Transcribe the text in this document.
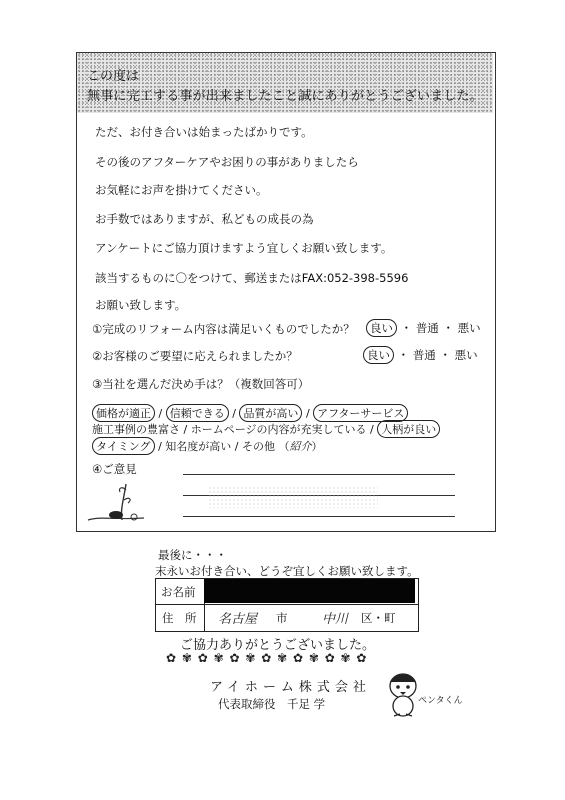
この度は
無事に完工する事が出来ましたこと誠にありがとうございました。
ただ、お付き合いは始まったばかりです。
その後のアフターケアやお困りの事がありましたら
お気軽にお声を掛けてください。
お手数ではありますが、私どもの成長の為
アンケートにご協力頂けますよう宜しくお願い致します。
該当するものに〇をつけて、郵送またはFAX:052-398-5596
お願い致します。
①完成のリフォーム内容は満足いくものでしたか？	良い ・ 普通 ・ 悪い
②お客様のご要望に応えられましたか？	良い ・ 普通 ・ 悪い
③当社を選んだ決め手は？（複数回答可）
価格が適正 / 信頼できる / 品質が高い / アフターサービス
施工事例の豊富さ / ホームページの内容が充実している / 人柄が良い
タイミング / 知名度が高い / その他 （紹介）
④ご意見
最後に・・・
末永いお付き合い、どうぞ宜しくお願い致します。
お名前
住　所 名古屋 市	中川 区・町
ご協力ありがとうございました。
✿ ✾ ✿ ✾ ✿ ✾ ✿ ✾ ✿ ✾ ✿ ✾ ✿
アイホーム株式会社
代表取締役　千足 学	ペンタくん
